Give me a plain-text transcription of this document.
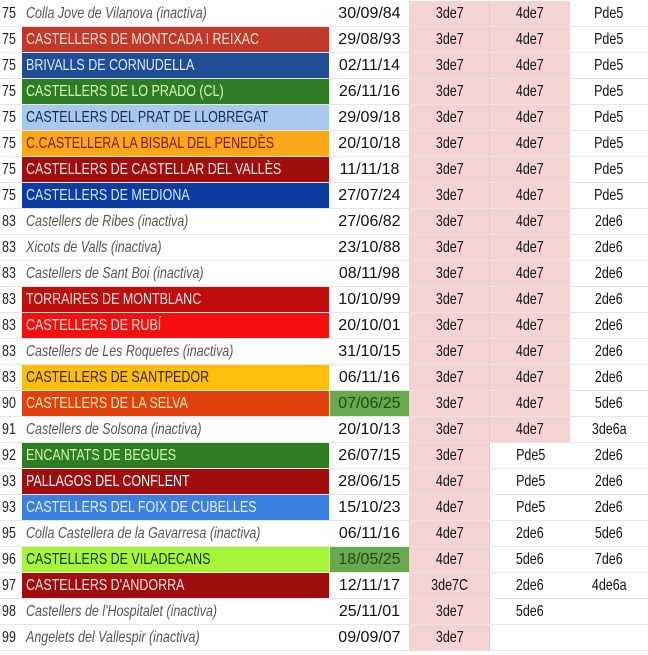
75 Colla Jove de Vilanova (inactiva)	30/09/84	3de7	4de7	Pde5
75 CASTELLERS DE MONTCADA I REIXAC	29/08/93	3de7	4de7	Pde5
75 BRIVALLS DE CORNUDELLA	02/11/14	3de7	4de7	Pde5
75 CASTELLERS DE LO PRADO (CL)	26/11/16	3de7	4de7	Pde5
75 CASTELLERS DEL PRAT DE LLOBREGAT	29/09/18	3de7	4de7	Pde5
75 C.CASTELLERA LA BISBAL DEL PENEDÈS	20/10/18	3de7	4de7	Pde5
75 CASTELLERS DE CASTELLAR DEL VALLÈS	11/11/18	3de7	4de7	Pde5
75 CASTELLERS DE MEDIONA	27/07/24	3de7	4de7	Pde5
83 Castellers de Ribes (inactiva)	27/06/82	3de7	4de7	2de6
83 Xicots de Valls (inactiva)	23/10/88	3de7	4de7	2de6
83 Castellers de Sant Boi (inactiva)	08/11/98	3de7	4de7	2de6
83 TORRAIRES DE MONTBLANC	10/10/99	3de7	4de7	2de6
83 CASTELLERS DE RUBÍ	20/10/01	3de7	4de7	2de6
83 Castellers de Les Roquetes (inactiva)	31/10/15	3de7	4de7	2de6
83 CASTELLERS DE SANTPEDOR	06/11/16	3de7	4de7	2de6
90 CASTELLERS DE LA SELVA	07/06/25	3de7	4de7	5de6
91 Castellers de Solsona (inactiva)	20/10/13	3de7	4de7	3de6a
92 ENCANTATS DE BEGUES	26/07/15	3de7	Pde5	2de6
93 PALLAGOS DEL CONFLENT	28/06/15	4de7	Pde5	2de6
93 CASTELLERS DEL FOIX DE CUBELLES	15/10/23	4de7	Pde5	2de6
95 Colla Castellera de la Gavarresa (inactiva)	06/11/16	4de7	2de6	5de6
96 CASTELLERS DE VILADECANS	18/05/25	4de7	5de6	7de6
97 CASTELLERS D'ANDORRA	12/11/17	3de7C	2de6	4de6a
98 Castellers de l'Hospitalet (inactiva)	25/11/01	3de7	5de6
99 Angelets del Vallespir (inactiva)	09/09/07	3de7
